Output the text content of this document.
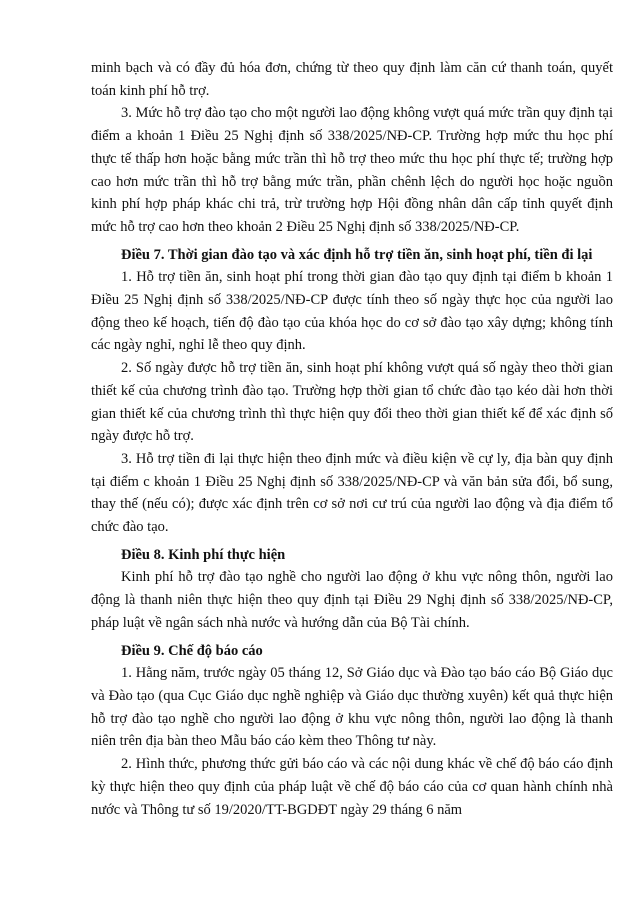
minh bạch và có đầy đủ hóa đơn, chứng từ theo quy định làm căn cứ thanh toán, quyết toán kinh phí hỗ trợ.

3. Mức hỗ trợ đào tạo cho một người lao động không vượt quá mức trần quy định tại điểm a khoản 1 Điều 25 Nghị định số 338/2025/NĐ-CP. Trường hợp mức thu học phí thực tế thấp hơn hoặc bằng mức trần thì hỗ trợ theo mức thu học phí thực tế; trường hợp cao hơn mức trần thì hỗ trợ bằng mức trần, phần chênh lệch do người học hoặc nguồn kinh phí hợp pháp khác chi trả, trừ trường hợp Hội đồng nhân dân cấp tỉnh quyết định mức hỗ trợ cao hơn theo khoản 2 Điều 25 Nghị định số 338/2025/NĐ-CP.

Điều 7. Thời gian đào tạo và xác định hỗ trợ tiền ăn, sinh hoạt phí, tiền đi lại

1. Hỗ trợ tiền ăn, sinh hoạt phí trong thời gian đào tạo quy định tại điểm b khoản 1 Điều 25 Nghị định số 338/2025/NĐ-CP được tính theo số ngày thực học của người lao động theo kế hoạch, tiến độ đào tạo của khóa học do cơ sở đào tạo xây dựng; không tính các ngày nghỉ, nghỉ lễ theo quy định.

2. Số ngày được hỗ trợ tiền ăn, sinh hoạt phí không vượt quá số ngày theo thời gian thiết kế của chương trình đào tạo. Trường hợp thời gian tổ chức đào tạo kéo dài hơn thời gian thiết kế của chương trình thì thực hiện quy đổi theo thời gian thiết kế để xác định số ngày được hỗ trợ.

3. Hỗ trợ tiền đi lại thực hiện theo định mức và điều kiện về cự ly, địa bàn quy định tại điểm c khoản 1 Điều 25 Nghị định số 338/2025/NĐ-CP và văn bản sửa đổi, bổ sung, thay thế (nếu có); được xác định trên cơ sở nơi cư trú của người lao động và địa điểm tổ chức đào tạo.

Điều 8. Kinh phí thực hiện

Kinh phí hỗ trợ đào tạo nghề cho người lao động ở khu vực nông thôn, người lao động là thanh niên thực hiện theo quy định tại Điều 29 Nghị định số 338/2025/NĐ-CP, pháp luật về ngân sách nhà nước và hướng dẫn của Bộ Tài chính.

Điều 9. Chế độ báo cáo

1. Hằng năm, trước ngày 05 tháng 12, Sở Giáo dục và Đào tạo báo cáo Bộ Giáo dục và Đào tạo (qua Cục Giáo dục nghề nghiệp và Giáo dục thường xuyên) kết quả thực hiện hỗ trợ đào tạo nghề cho người lao động ở khu vực nông thôn, người lao động là thanh niên trên địa bàn theo Mẫu báo cáo kèm theo Thông tư này.

2. Hình thức, phương thức gửi báo cáo và các nội dung khác về chế độ báo cáo định kỳ thực hiện theo quy định của pháp luật về chế độ báo cáo của cơ quan hành chính nhà nước và Thông tư số 19/2020/TT-BGDĐT ngày 29 tháng 6 năm
